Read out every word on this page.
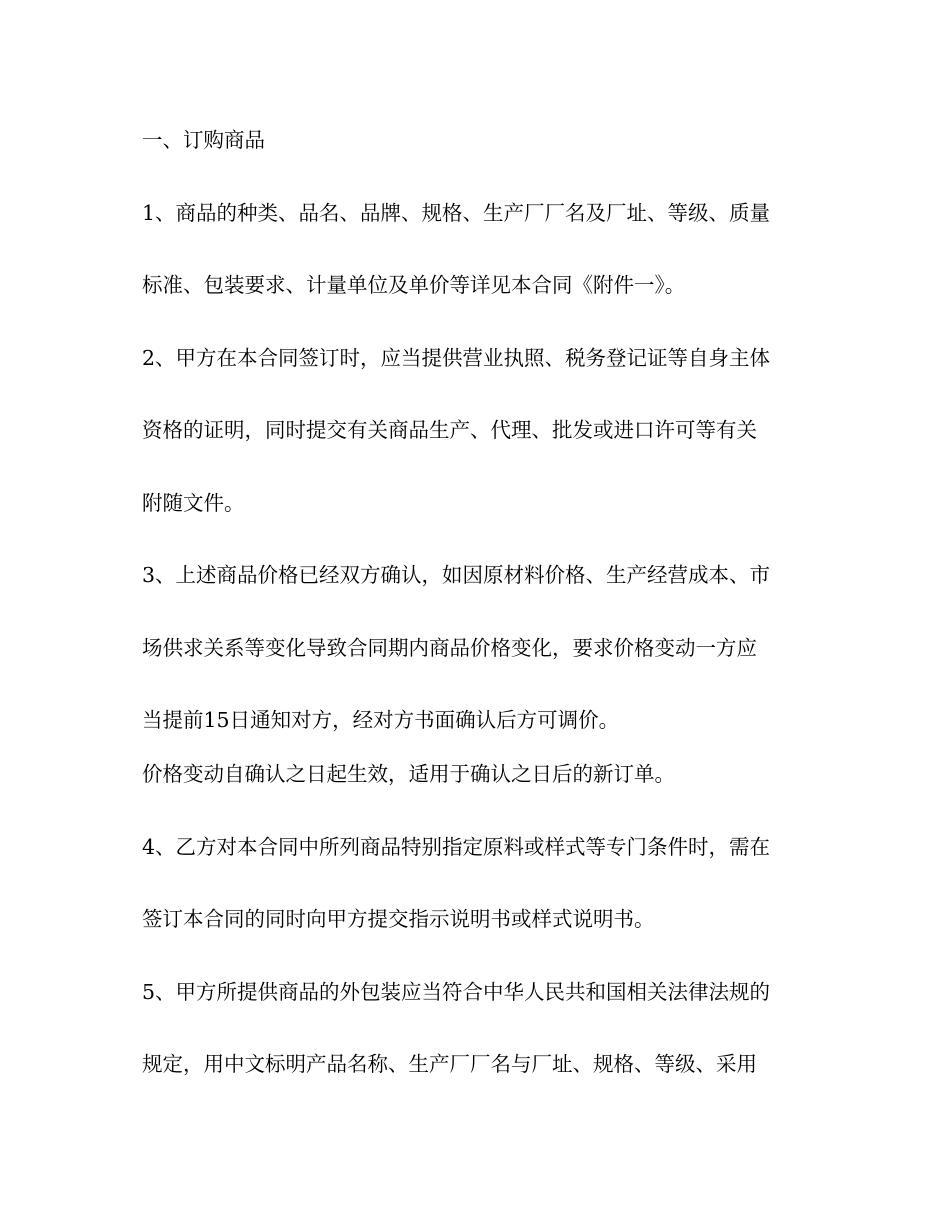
一、订购商品
1、商品的种类、品名、品牌、规格、生产厂厂名及厂址、等级、质量
标准、包装要求、计量单位及单价等详见本合同《附件一》。
2、甲方在本合同签订时，应当提供营业执照、税务登记证等自身主体
资格的证明，同时提交有关商品生产、代理、批发或进口许可等有关
附随文件。
3、上述商品价格已经双方确认，如因原材料价格、生产经营成本、市
场供求关系等变化导致合同期内商品价格变化，要求价格变动一方应
当提前15日通知对方，经对方书面确认后方可调价。
价格变动自确认之日起生效，适用于确认之日后的新订单。
4、乙方对本合同中所列商品特别指定原料或样式等专门条件时，需在
签订本合同的同时向甲方提交指示说明书或样式说明书。
5、甲方所提供商品的外包装应当符合中华人民共和国相关法律法规的
规定，用中文标明产品名称、生产厂厂名与厂址、规格、等级、采用
